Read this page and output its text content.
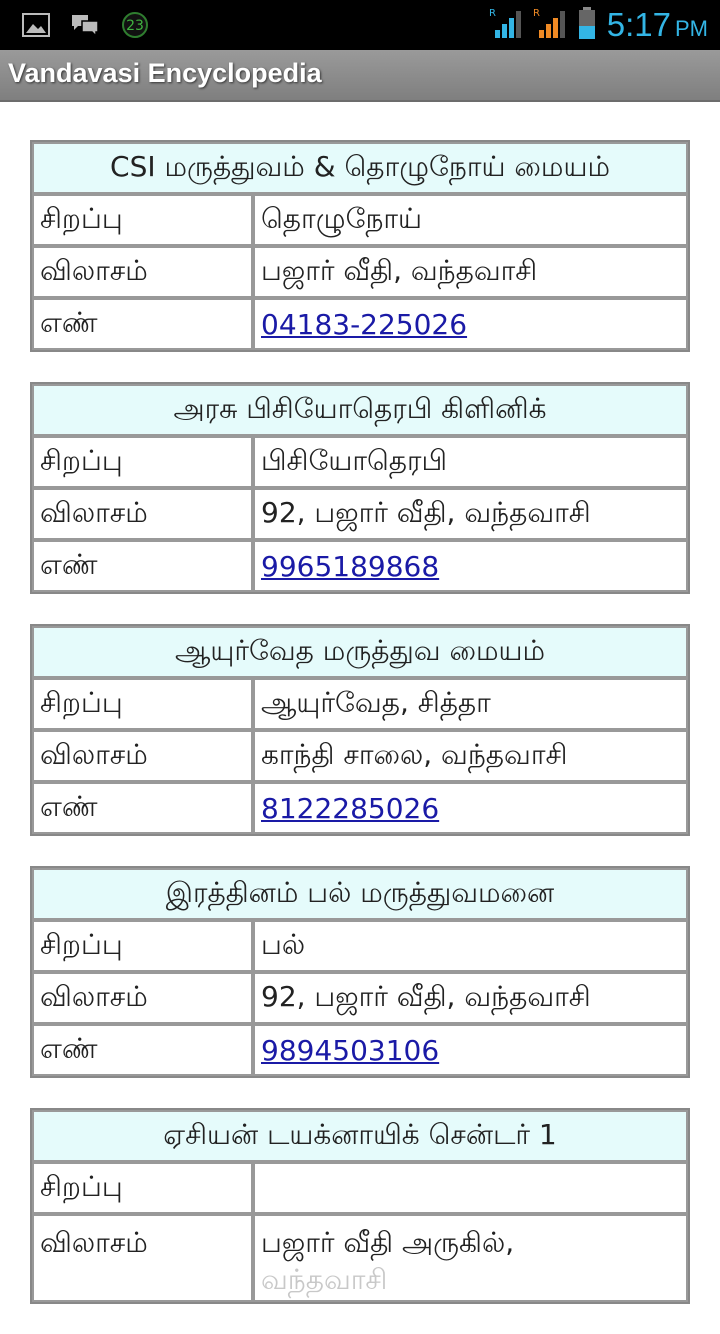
23
R	R 5:17 PM
Vandavasi Encyclopedia
CSI மருத்துவம் & தொழுநோய் மையம்	
சிறப்பு	தொழுநோய்
விலாசம்	பஜார் வீதி, வந்தவாசி
எண்	04183-225026
அரசு பிசியோதெரபி கிளினிக்	
சிறப்பு	பிசியோதெரபி
விலாசம்	92, பஜார் வீதி, வந்தவாசி
எண்	9965189868
ஆயுர்வேத மருத்துவ மையம்	
சிறப்பு	ஆயுர்வேத, சித்தா
விலாசம்	காந்தி சாலை, வந்தவாசி
எண்	8122285026
இரத்தினம் பல் மருத்துவமனை	
சிறப்பு	பல்
விலாசம்	92, பஜார் வீதி, வந்தவாசி
எண்	9894503106
ஏசியன் டயக்னாயிக் சென்டர் 1	
சிறப்பு	
விலாசம்	பஜார் வீதி அருகில்,
வந்தவாசி
